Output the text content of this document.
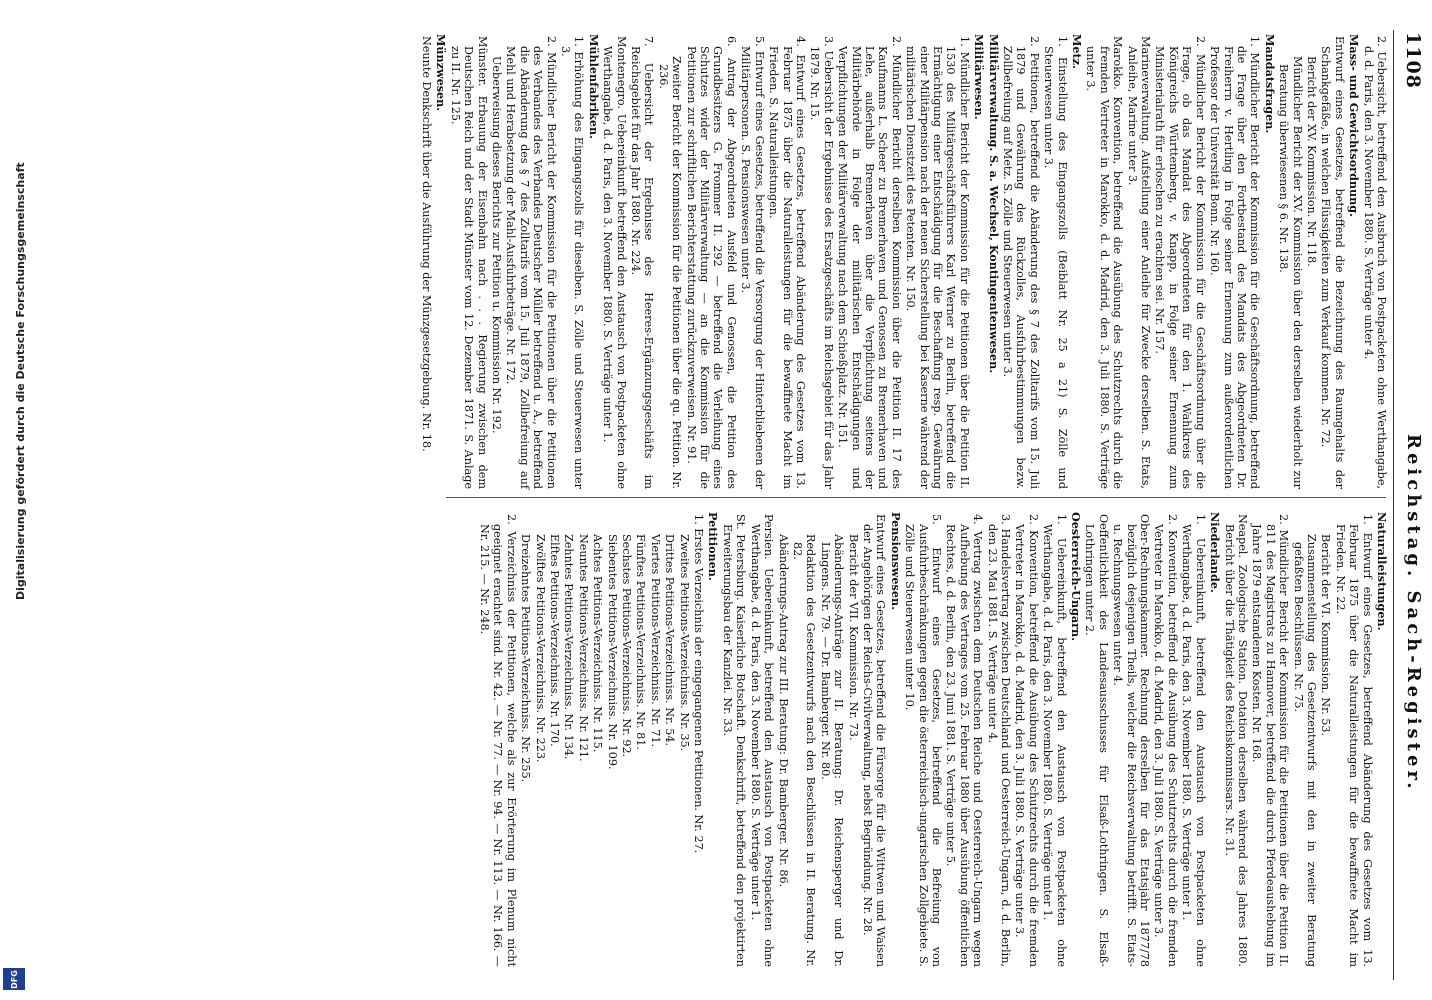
1108
Reichstag. Sach-Register.
2. Uebersicht, betreffend den Ausbruch von Postpacketen ohne Werthangabe, d. d. Paris, den 3. November 1880. S. Verträge unter 4.
Mass- und Gewichtsordnung.
Entwurf eines Gesetzes, betreffend die Bezeichnung des Raumgehalts der Schankgefäße, in welchen Flüssigkeiten zum Verkauf kommen. Nr. 72.
Bericht der XV. Kommission. Nr. 118.
Mündlicher Bericht der XV. Kommission über den derselben wiederholt zur Beratung überwiesenen § 6. Nr. 138.
Mandatsfragen.
1. Mündlicher Bericht der Kommission für die Geschäftsordnung, betreffend die Frage über den Fortbestand des Mandats des Abgeordneten Dr. Freiherrn v. Hertling in Folge seiner Ernennung zum außerordentlichen Professor der Universität Bonn. Nr. 160.
2. Mündlicher Bericht der Kommission für die Geschäftsordnung über die Frage, ob das Mandat des Abgeordneten für den 1. Wahlkreis des Königreichs Württemberg, v. Knapp, in Folge seiner Ernennung zum Ministerialrath für erloschen zu erachten sei. Nr. 157.
Marineverwaltung. Aufstellung einer Anleihe für Zwecke derselben. S. Etats, Anleihe, Marine unter 3.
Marokko. Konvention, betreffend die Ausübung des Schutzrechts durch die fremden Vertreter in Marokko, d. d. Madrid, den 3. Juli 1880. S. Verträge unter 3.
Metz.
1. Einstellung des Eingangszolls (Beiblatt Nr. 25 a 21) S. Zölle und Steuerwesen unter 3.
2. Petitionen, betreffend die Abänderung des § 7 des Zolltarifs vom 15. Juli 1879 und Gewährung des Rückzolles, Ausfuhrbestimmungen bezw. Zollbefreiung auf Metz. S. Zölle und Steuerwesen unter 3.
Militärverwaltung. S. a. Wechsel, Kontingentenwesen.
Militärwesen.
1. Mündlicher Bericht der Kommission für die Petitionen über die Petition II. 1530 des Militärgeschäftsführers Karl Werner zu Berlin, betreffend die Ermächtigung einer Entschädigung für die Beschaffung resp. Gewährung einer Militärpension nach der neuen Sicherstellung bei Kaserne während der militärischen Dienstzeit des Petenten. Nr. 150.
2. Mündlicher Bericht derselben Kommission über die Petition II. 17 des Kaufmanns L. Scheer zu Bremerhaven und Genossen zu Bremerhaven und Lehe, außerhalb Bremerhaven über die Verpflichtung seitens der Militärbehörde in Folge der militärischen Entschädigungen und Verpflichtungen der Militärverwaltung nach dem Schießplatz. Nr. 151.
3. Uebersicht der Ergebnisse des Ersatzgeschäfts im Reichsgebiet für das Jahr 1879. Nr. 15.
4. Entwurf eines Gesetzes, betreffend Abänderung des Gesetzes vom 13. Februar 1875 über die Naturalleistungen für die bewaffnete Macht im Frieden. S. Naturalleistungen.
5. Entwurf eines Gesetzes, betreffend die Versorgung der Hinterbliebenen der Militärpersonen. S. Pensionswesen unter 3.
6. Antrag der Abgeordneten Ausfeld und Genossen, die Petition des Grundbesitzers G. Frommer II. 292 — betreffend die Verleihung eines Schutzes wider der Militärverwaltung — an die Kommission für die Petitionen zur schriftlichen Berichterstattung zurückzuverweisen. Nr. 91.
Zweiter Bericht der Kommission für die Petitionen über die qu. Petition. Nr. 236.
7. Uebersicht der Ergebnisse des Heeres-Ergänzungsgeschäfts im Reichsgebiet für das Jahr 1880. Nr. 224.
Montenegro. Uebereinkunft betreffend den Austausch von Postpacketen ohne Werthangabe, d. d. Paris, den 3. November 1880. S. Verträge unter 1.
Mühlenfabriken.
1. Erhöhung des Eingangszolls für dieselben. S. Zölle und Steuerwesen unter 3.
2. Mündlicher Bericht der Kommission für die Petitionen über die Petitionen des Verbandes des Verbandes Deutscher Müller betreffend u. A., betreffend die Abänderung des § 7 des Zolltarifs vom 15. Juli 1879, Zollbefreiung auf Mehl und Herabsetzung der Mahl-Ausfuhrbeträge. Nr. 172.
Ueberweisung dieses Berichts zur Petition u. Kommission Nr. 192.
Münster. Erbauung der Eisenbahn nach . . . Regierung zwischen dem Deutschen Reich und der Stadt Münster vom 12. Dezember 1871. S. Anlage zu II. Nr. 125.
Münzwesen.
Neunte Denkschrift über die Ausführung der Münzgesetzgebung. Nr. 18.
Naturalleistungen.
1. Entwurf eines Gesetzes, betreffend Abänderung des Gesetzes vom 13. Februar 1875 über die Naturalleistungen für die bewaffnete Macht im Frieden. Nr. 22.
Bericht der VI. Kommission. Nr. 53.
Zusammenstellung des Gesetzentwurfs mit den in zweiter Beratung gefaßten Beschlüssen. Nr. 75.
2. Mündlicher Bericht der Kommission für die Petitionen über die Petition II. 811 des Magistrats zu Hannover, betreffend die durch Pferdeaushebung im Jahre 1879 entstandenen Kosten. Nr. 168.
Neapel. Zoologische Station. Dotation derselben während des Jahres 1880. Bericht über die Thätigkeit des Reichskommissars. Nr. 31.
Niederlande.
1. Uebereinkunft, betreffend den Austausch von Postpacketen ohne Werthangabe, d. d. Paris, den 3. November 1880. S. Verträge unter 1.
2. Konvention, betreffend die Ausübung des Schutzrechts durch die fremden Vertreter in Marokko, d. d. Madrid, den 3. Juli 1880. S. Verträge unter 3.
Ober-Rechnungskammer. Rechnung derselben für das Etatsjahr 1877/78 bezüglich desjenigen Theils, welcher die Reichsverwaltung betrifft. S. Etats- u. Rechnungswesen unter 4.
Oeffentlichkeit des Landesausschusses für Elsaß-Lothringen. S. Elsaß-Lothringen unter 2.
Oesterreich-Ungarn.
1. Uebereinkunft, betreffend den Austausch von Postpacketen ohne Werthangabe, d. d. Paris, den 3. November 1880. S. Verträge unter 1.
2. Konvention, betreffend die Ausübung des Schutzrechts durch die fremden Vertreter in Marokko, d. d. Madrid, den 3. Juli 1880. S. Verträge unter 3.
3. Handelsvertrag zwischen Deutschland und Oesterreich-Ungarn, d. d. Berlin, den 23. Mai 1881. S. Verträge unter 4.
4. Vertrag zwischen dem Deutschen Reiche und Oesterreich-Ungarn wegen Aufhebung des Vertrages vom 25. Februar 1880 über Ausübung öffentlichen Rechtes, d. d. Berlin, den 23. Juni 1881. S. Verträge unter 5.
5. Entwurf eines Gesetzes, betreffend die Befreiung von Ausfuhrbeschränkungen gegen die österreichisch-ungarischen Zollgebiete. S. Zölle und Steuerwesen unter 10.
Pensionswesen.
Entwurf eines Gesetzes, betreffend die Fürsorge für die Wittwen und Waisen der Angehörigen der Reichs-Civilverwaltung, nebst Begründung. Nr. 28.
Bericht der VII. Kommission. Nr. 73.
Abänderungs-Anträge zur II. Beratung: Dr. Reichensperger und Dr. Lingens. Nr. 79. — Dr. Bamberger. Nr. 80.
Redaktion des Gesetzentwurfs nach den Beschlüssen in II. Beratung. Nr. 82.
Abänderungs-Antrag zur III. Beratung: Dr. Bamberger. Nr. 86.
Persien. Uebereinkunft, betreffend den Austausch von Postpacketen ohne Werthangabe, d. d. Paris, den 3. November 1880. S. Verträge unter 1.
St. Petersburg. Kaiserliche Botschaft. Denkschrift, betreffend den projektirten Erweiterungsbau der Kanzlei. Nr. 33.
Petitionen.
1. Erstes Verzeichnis der eingegangenen Petitionen. Nr. 27.
Zweites Petitions-Verzeichniss. Nr. 35.
Drittes Petitions-Verzeichniss. Nr. 54.
Viertes Petitions-Verzeichniss. Nr. 71.
Fünftes Petitions-Verzeichniss. Nr. 81.
Sechstes Petitions-Verzeichniss. Nr. 92.
Siebentes Petitions-Verzeichniss. Nr. 109.
Achtes Petitions-Verzeichniss. Nr. 115.
Neuntes Petitions-Verzeichniss. Nr. 121.
Zehntes Petitions-Verzeichniss. Nr. 134.
Elftes Petitions-Verzeichniss. Nr. 170.
Zwölftes Petitions-Verzeichniss. Nr. 223.
Dreizehntes Petitions-Verzeichniss. Nr. 255.
2. Verzeichniss der Petitionen, welche als zur Erörterung im Plenum nicht geeignet erachtet sind. Nr. 42. — Nr. 77. — Nr. 94. — Nr. 113. — Nr. 166. — Nr. 215. — Nr. 248.
Digitalisierung gefördert durch die Deutsche Forschungsgemeinschaft
DFG
